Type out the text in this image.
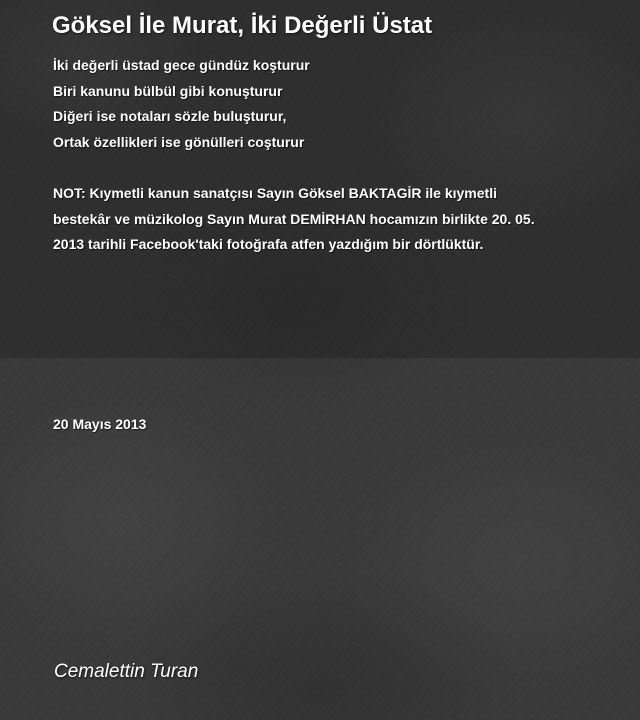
Göksel İle Murat, İki Değerli Üstat
İki değerli üstad gece gündüz koşturur
Biri kanunu bülbül gibi konuşturur
Diğeri ise notaları sözle buluşturur,
Ortak özellikleri ise gönülleri coşturur
NOT: Kıymetli kanun sanatçısı Sayın Göksel BAKTAGİR ile kıymetli bestekâr ve müzikolog Sayın Murat DEMİRHAN hocamızın birlikte 20. 05. 2013 tarihli Facebook'taki fotoğrafa atfen yazdığım bir dörtlüktür.
20 Mayıs 2013
Cemalettin Turan
